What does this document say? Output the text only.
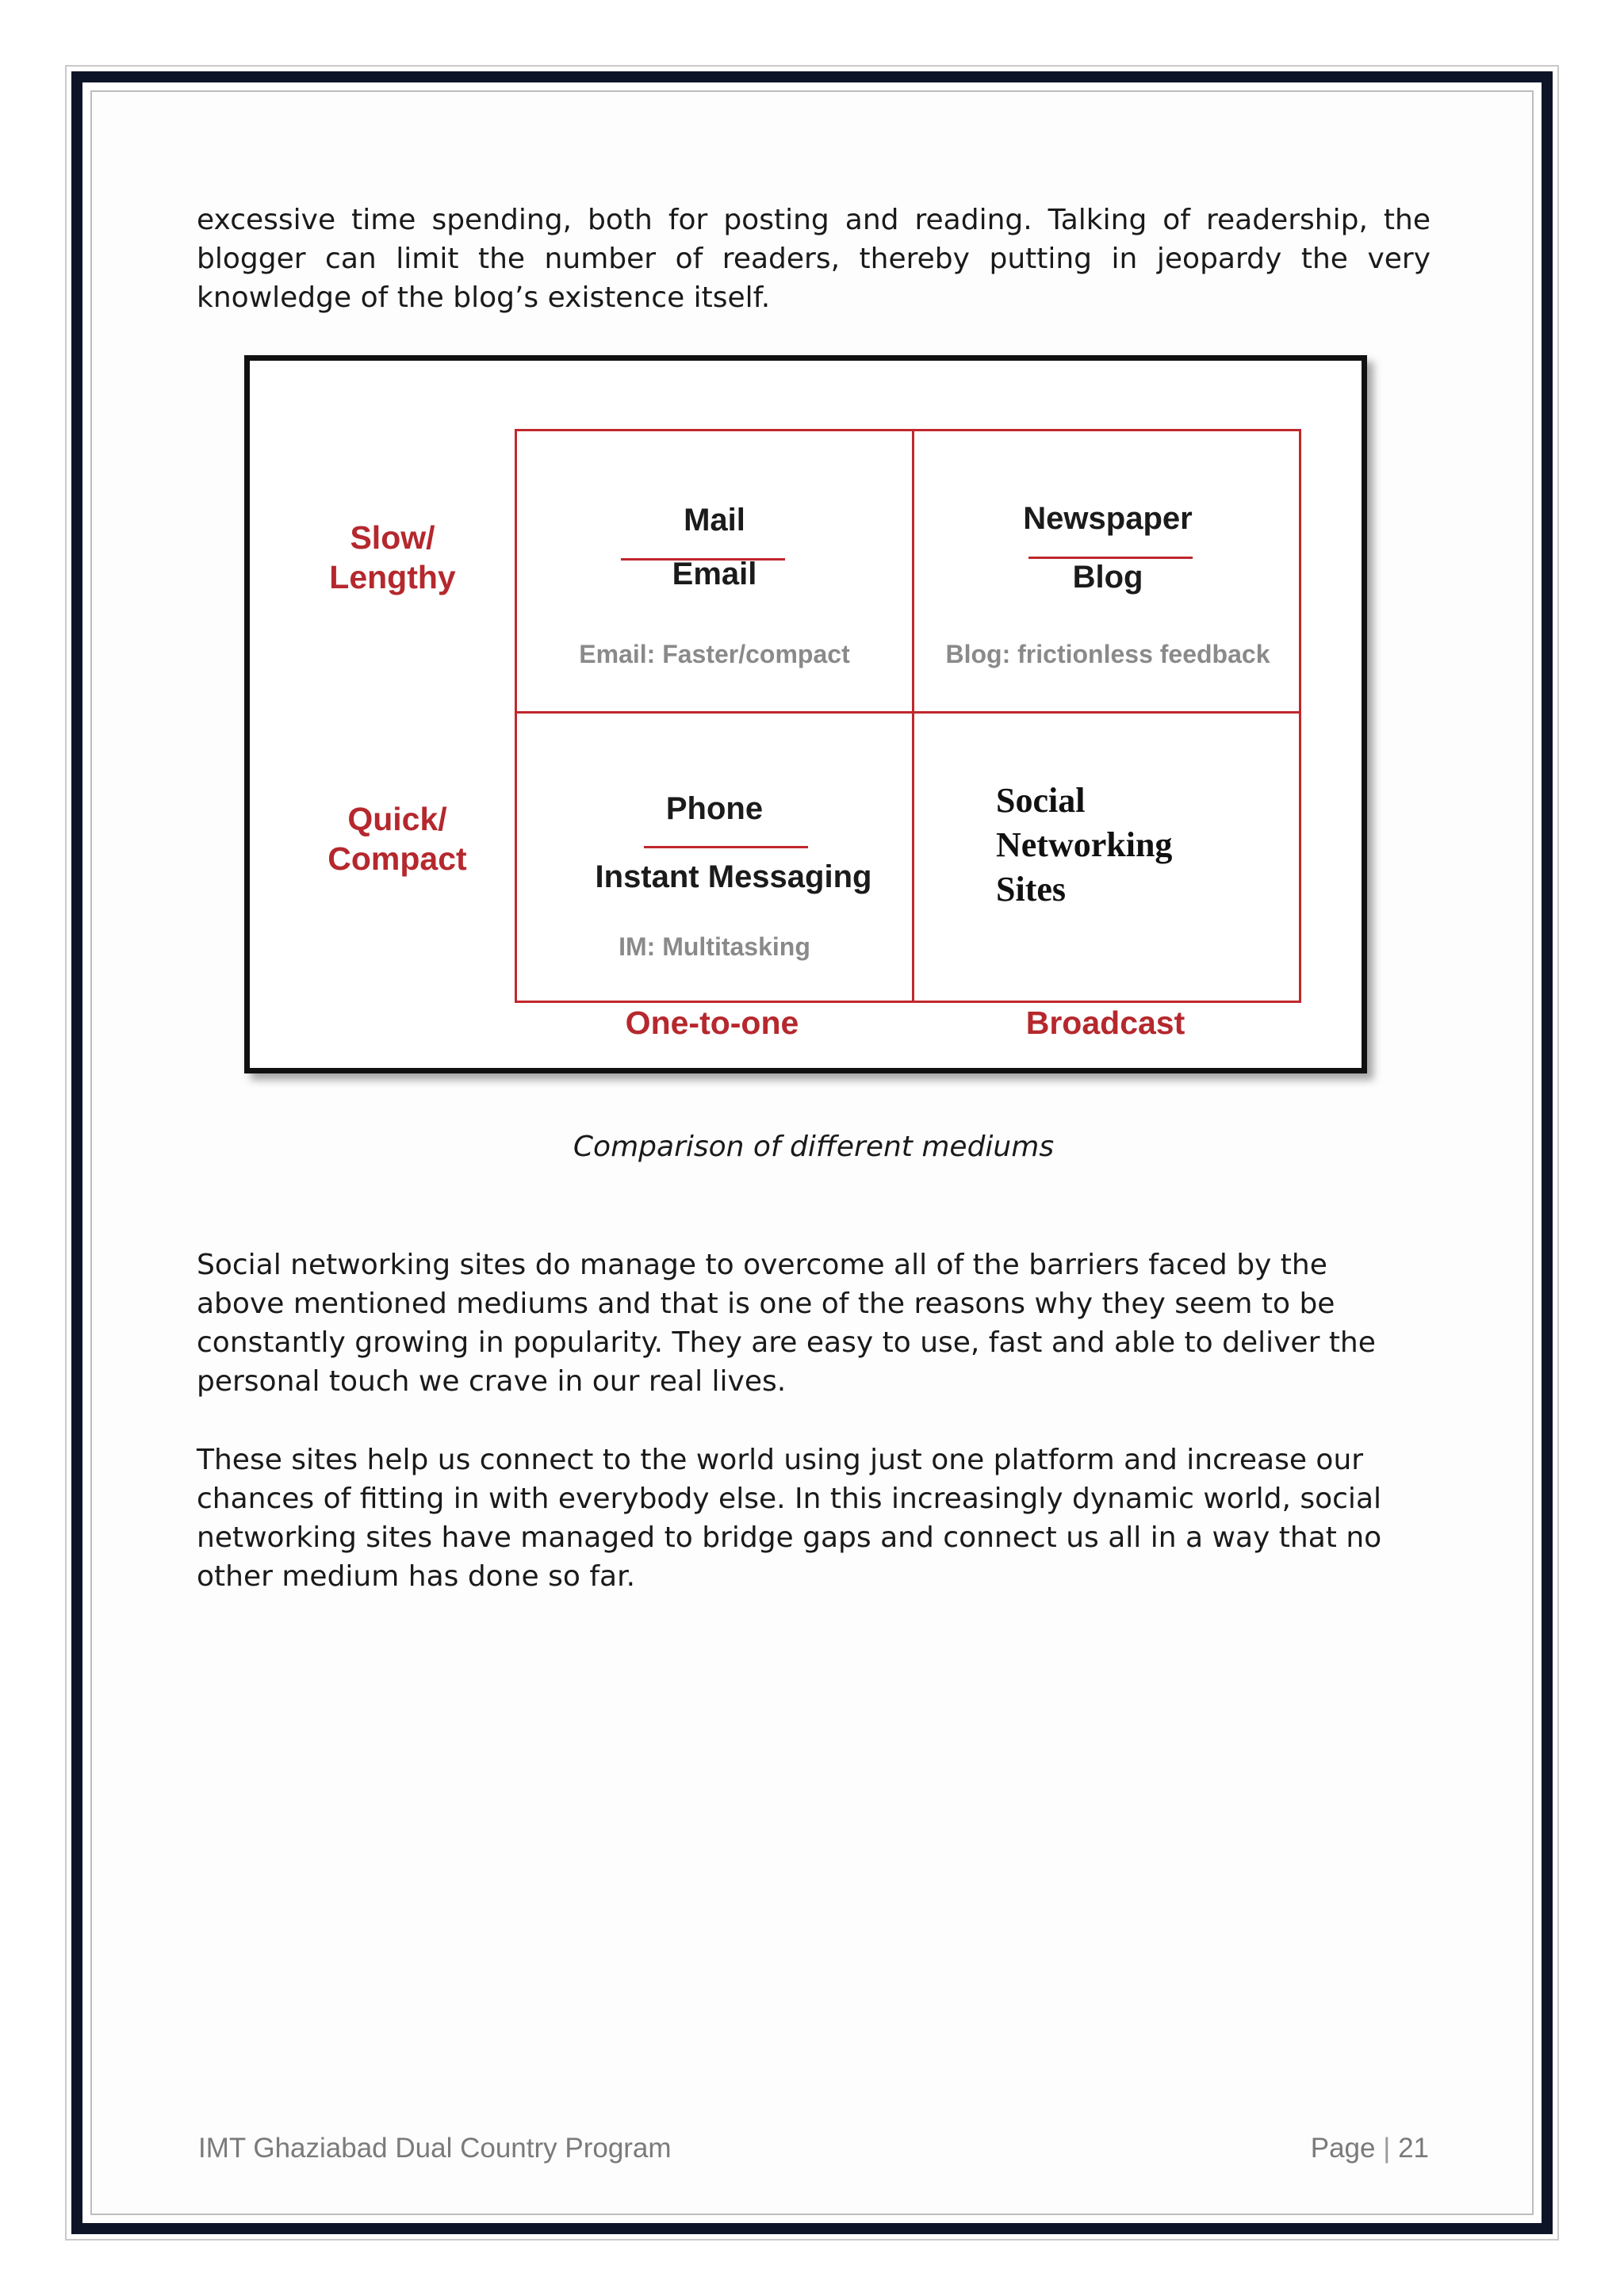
excessive time spending, both for posting and reading. Talking of readership, the blogger can limit the number of readers, thereby putting in jeopardy the very knowledge of the blog’s existence itself.

Slow/
Lengthy
Quick/
Compact
Mail
Email
Email: Faster/compact
Newspaper
Blog
Blog: frictionless feedback
Phone
Instant Messaging
IM: Multitasking
Social
Networking
Sites
One-to-one	Broadcast
Comparison of different mediums

Social networking sites do manage to overcome all of the barriers faced by the above mentioned mediums and that is one of the reasons why they seem to be constantly growing in popularity. They are easy to use, fast and able to deliver the personal touch we crave in our real lives.

These sites help us connect to the world using just one platform and increase our chances of fitting in with everybody else. In this increasingly dynamic world, social networking sites have managed to bridge gaps and connect us all in a way that no other medium has done so far.

IMT Ghaziabad Dual Country Program	Page | 21
